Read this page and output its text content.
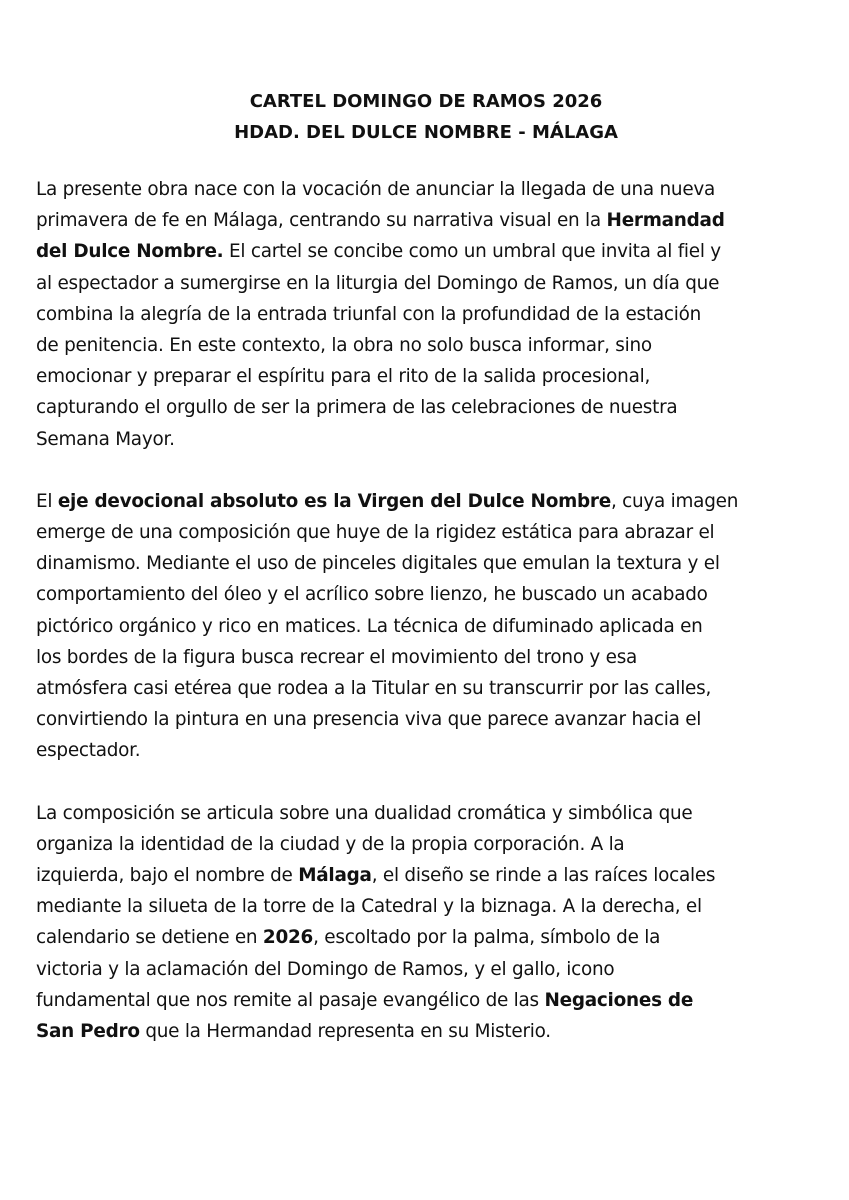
CARTEL DOMINGO DE RAMOS 2026
HDAD. DEL DULCE NOMBRE - MÁLAGA

La presente obra nace con la vocación de anunciar la llegada de una nueva
primavera de fe en Málaga, centrando su narrativa visual en la Hermandad
del Dulce Nombre. El cartel se concibe como un umbral que invita al fiel y
al espectador a sumergirse en la liturgia del Domingo de Ramos, un día que
combina la alegría de la entrada triunfal con la profundidad de la estación
de penitencia. En este contexto, la obra no solo busca informar, sino
emocionar y preparar el espíritu para el rito de la salida procesional,
capturando el orgullo de ser la primera de las celebraciones de nuestra
Semana Mayor.

El eje devocional absoluto es la Virgen del Dulce Nombre, cuya imagen
emerge de una composición que huye de la rigidez estática para abrazar el
dinamismo. Mediante el uso de pinceles digitales que emulan la textura y el
comportamiento del óleo y el acrílico sobre lienzo, he buscado un acabado
pictórico orgánico y rico en matices. La técnica de difuminado aplicada en
los bordes de la figura busca recrear el movimiento del trono y esa
atmósfera casi etérea que rodea a la Titular en su transcurrir por las calles,
convirtiendo la pintura en una presencia viva que parece avanzar hacia el
espectador.

La composición se articula sobre una dualidad cromática y simbólica que
organiza la identidad de la ciudad y de la propia corporación. A la
izquierda, bajo el nombre de Málaga, el diseño se rinde a las raíces locales
mediante la silueta de la torre de la Catedral y la biznaga. A la derecha, el
calendario se detiene en 2026, escoltado por la palma, símbolo de la
victoria y la aclamación del Domingo de Ramos, y el gallo, icono
fundamental que nos remite al pasaje evangélico de las Negaciones de
San Pedro que la Hermandad representa en su Misterio.
